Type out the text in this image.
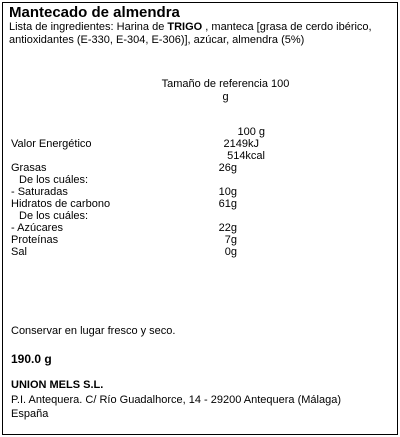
Mantecado de almendra
Lista de ingredientes: Harina de TRIGO , manteca [grasa de cerdo ibérico, antioxidantes (E-330, E-304, E-306)], azúcar, almendra (5%)
Tamaño de referencia 100
g
100 g
Valor Energético	2149kJ
514kcal
Grasas	26g
De los cuáles:
- Saturadas	10g
Hidratos de carbono	61g
De los cuáles:
- Azúcares	22g
Proteínas	7g
Sal	0g
Conservar en lugar fresco y seco.
190.0 g
UNION MELS S.L.
P.I. Antequera. C/ Río Guadalhorce, 14 - 29200 Antequera (Málaga)
España
